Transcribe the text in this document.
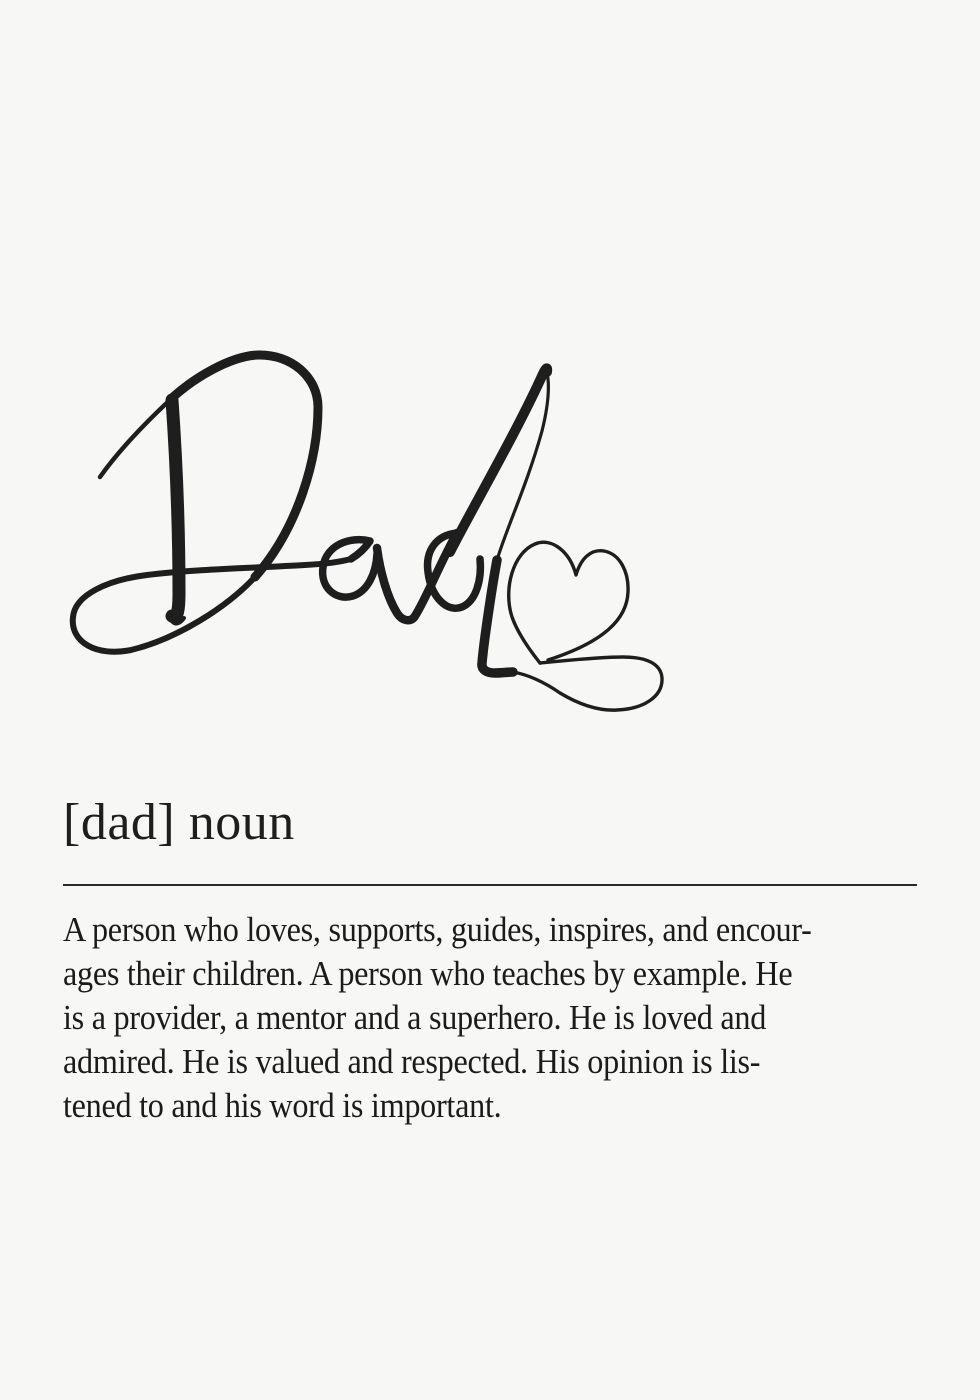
[dad] noun
A person who loves, supports, guides, inspires, and encour-
ages their children. A person who teaches by example. He
is a provider, a mentor and a superhero. He is loved and
admired. He is valued and respected. His opinion is lis-
tened to and his word is important.
